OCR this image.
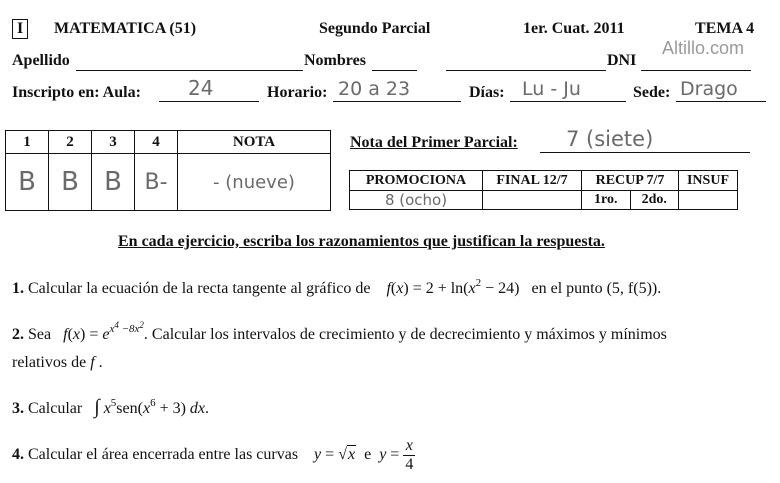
I	MATEMATICA (51)	Segundo Parcial	1er. Cuat. 2011	TEMA 4
Altillo.com
Apellido	Nombres	DNI
Inscripto en: Aula: 24	Horario: 20 a 23	Días: Lu - Ju	Sede: Drago
1	2	3	4	NOTA
B	B	B	B-	- (nueve)
Nota del Primer Parcial: 7 (siete)
PROMOCIONA	FINAL 12/7	RECUP 7/7		INSUF
8 (ocho)		1ro.	2do.	
En cada ejercicio, escriba los razonamientos que justifican la respuesta.
1. Calcular la ecuación de la recta tangente al gráfico de $f(x) = 2 + \ln(x^2 - 24)$ en el punto (5, f(5)).
2. Sea $f(x) = e^{x^4 -8x^2}$. Calcular los intervalos de crecimiento y de decrecimiento y máximos y mínimos
relativos de f .
3. Calcular ∫ $x^5sen(x^6 + 3)$ dx.
4. Calcular el área encerrada entre las curvas y = √x e $y = \frac{x}{4}$
